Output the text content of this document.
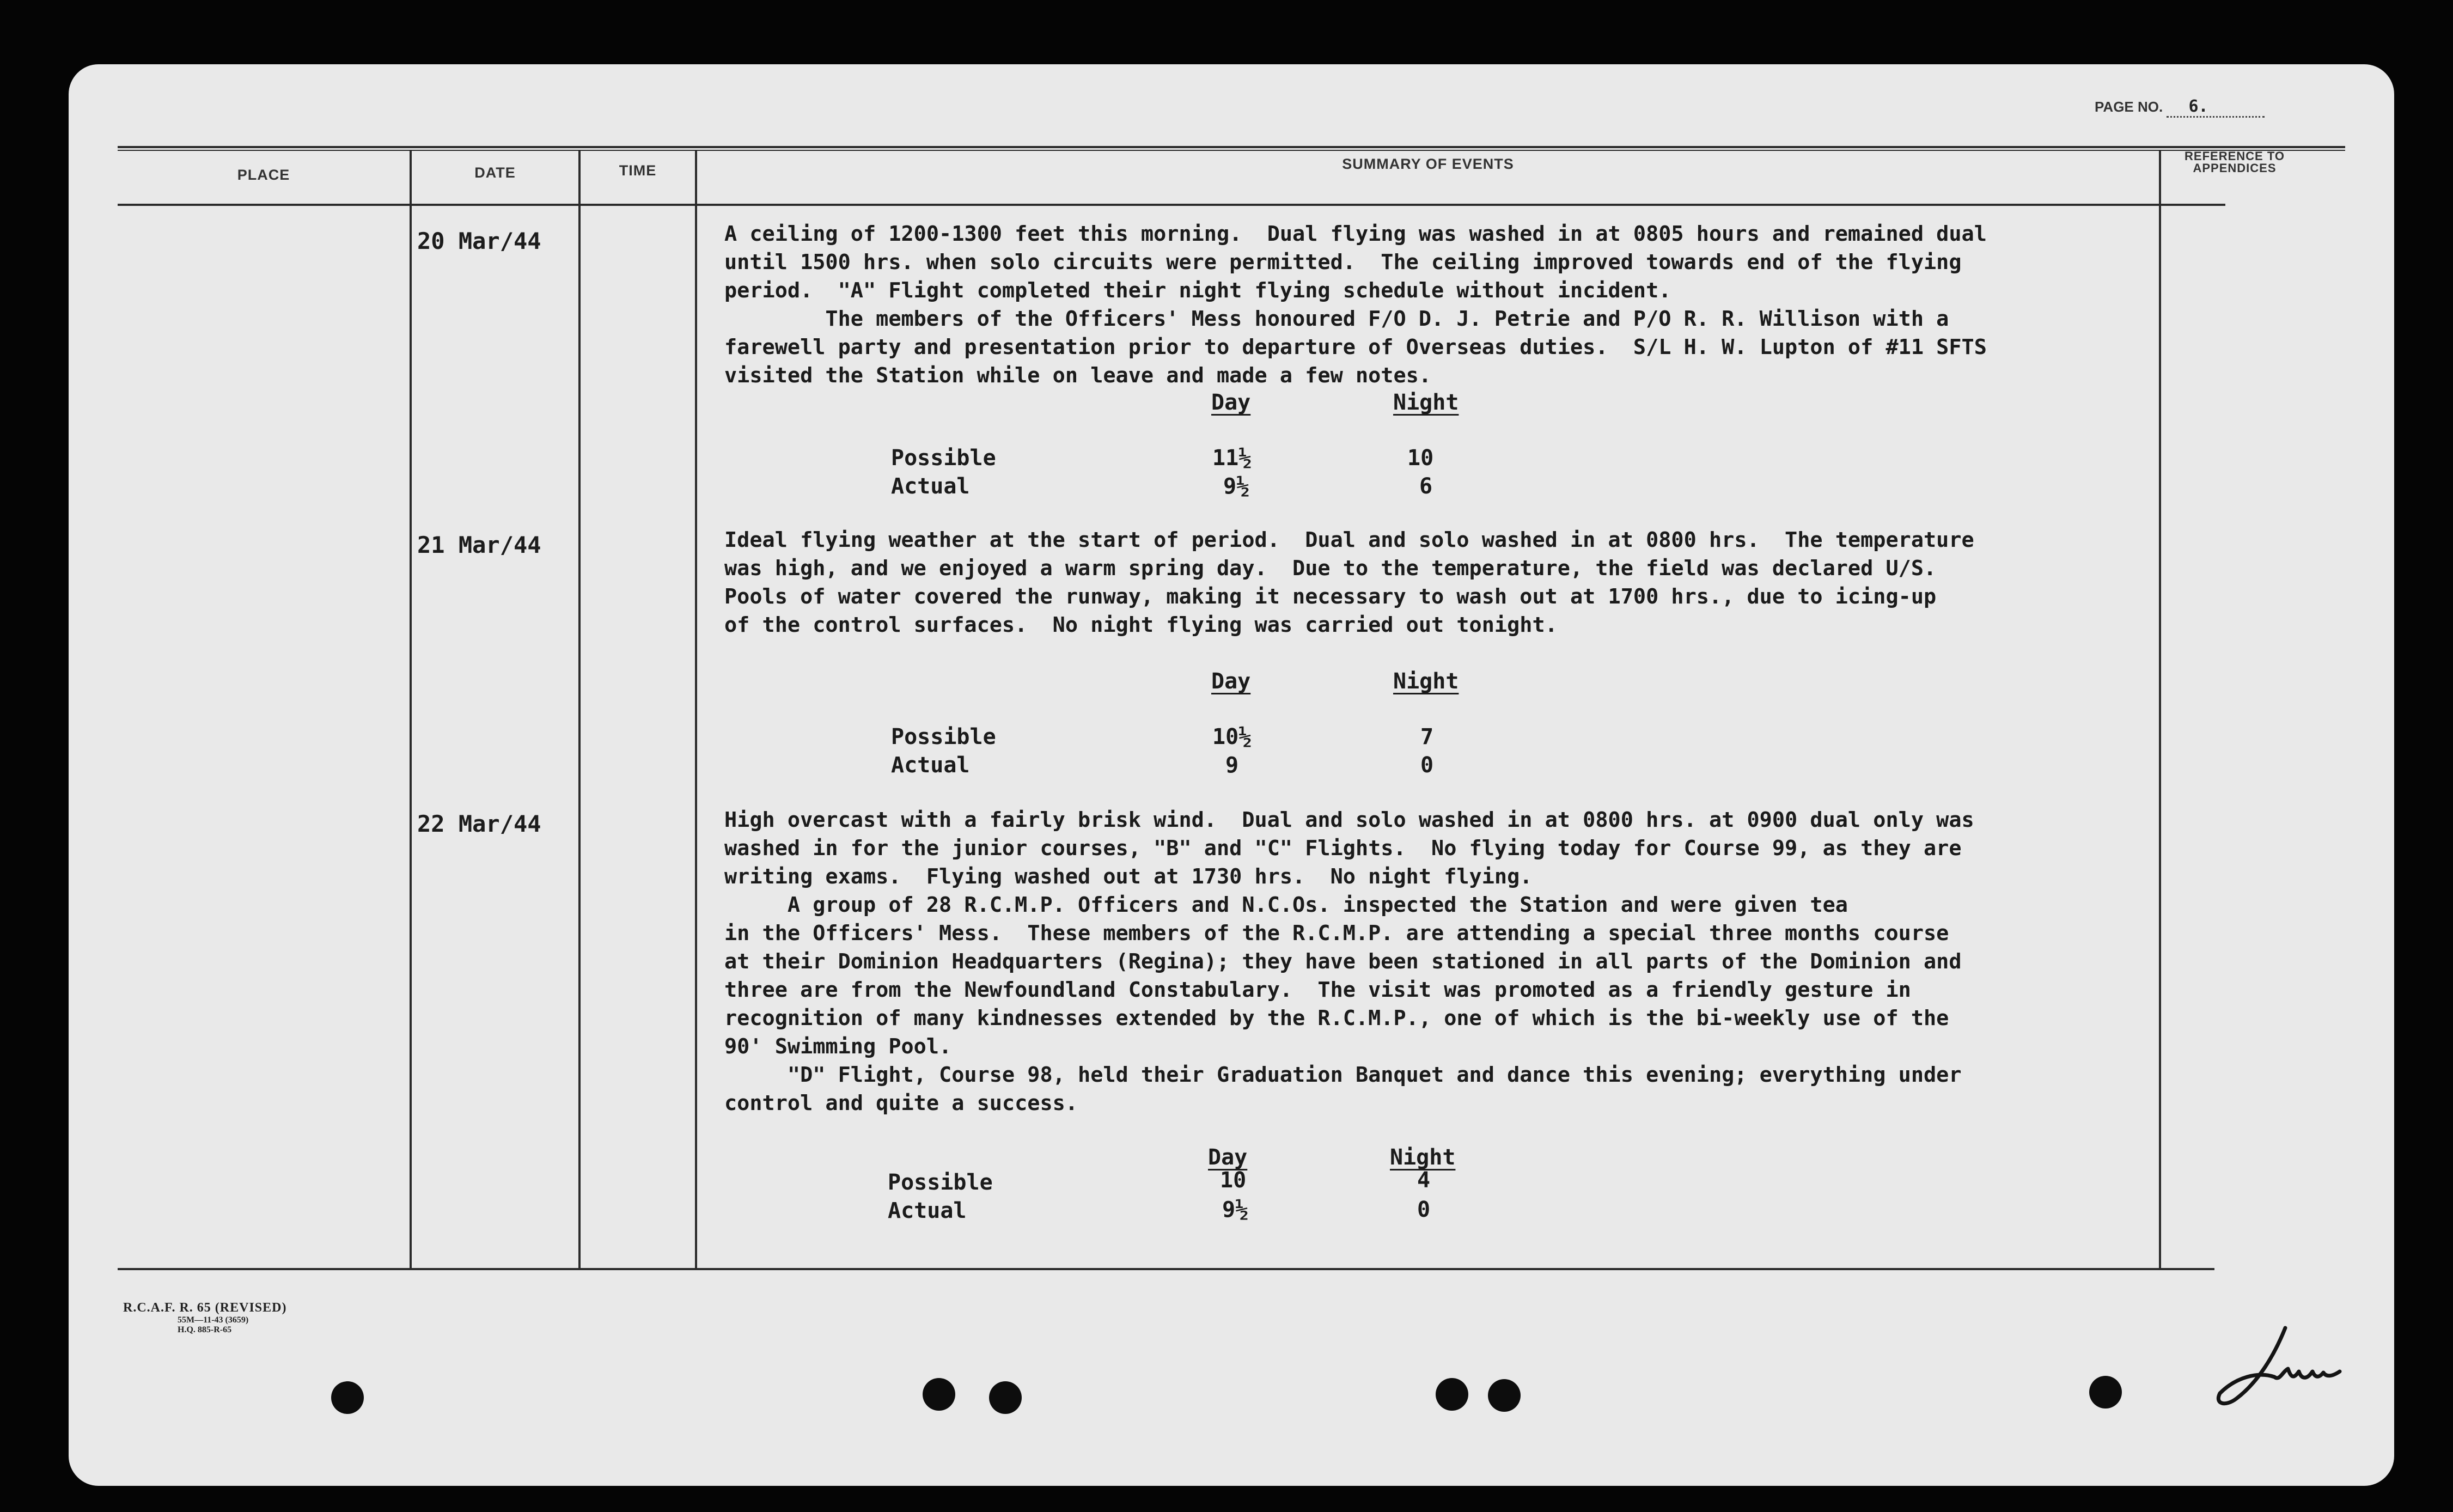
PAGE NO. 6.
PLACE	DATE	TIME	SUMMARY OF EVENTS	REFERENCE TO
APPENDICES
20 Mar/44	A ceiling of 1200-1300 feet this morning.  Dual flying was washed in at 0805 hours and remained dual
until 1500 hrs. when solo circuits were permitted.  The ceiling improved towards end of the flying
period.  "A" Flight completed their night flying schedule without incident.
The members of the Officers' Mess honoured F/O D. J. Petrie and P/O R. R. Willison with a
farewell party and presentation prior to departure of Overseas duties.  S/L H. W. Lupton of #11 SFTS
visited the Station while on leave and made a few notes.
Day	Night
Possible	11½	10
Actual	9½	6
21 Mar/44	Ideal flying weather at the start of period.  Dual and solo washed in at 0800 hrs.  The temperature
was high, and we enjoyed a warm spring day.  Due to the temperature, the field was declared U/S.
Pools of water covered the runway, making it necessary to wash out at 1700 hrs., due to icing-up
of the control surfaces.  No night flying was carried out tonight.
Day	Night
Possible	10½	7
Actual	9	0
22 Mar/44	High overcast with a fairly brisk wind.  Dual and solo washed in at 0800 hrs. at 0900 dual only was
washed in for the junior courses, "B" and "C" Flights.  No flying today for Course 99, as they are
writing exams.  Flying washed out at 1730 hrs.  No night flying.
A group of 28 R.C.M.P. Officers and N.C.Os. inspected the Station and were given tea
in the Officers' Mess.  These members of the R.C.M.P. are attending a special three months course
at their Dominion Headquarters (Regina); they have been stationed in all parts of the Dominion and
three are from the Newfoundland Constabulary.  The visit was promoted as a friendly gesture in
recognition of many kindnesses extended by the R.C.M.P., one of which is the bi-weekly use of the
90' Swimming Pool.
"D" Flight, Course 98, held their Graduation Banquet and dance this evening; everything under
control and quite a success.
Day	Night
Possible	10	4
Actual	9½	0
R.C.A.F. R. 65 (REVISED)
55M—11-43 (3659)
H.Q. 885-R-65
